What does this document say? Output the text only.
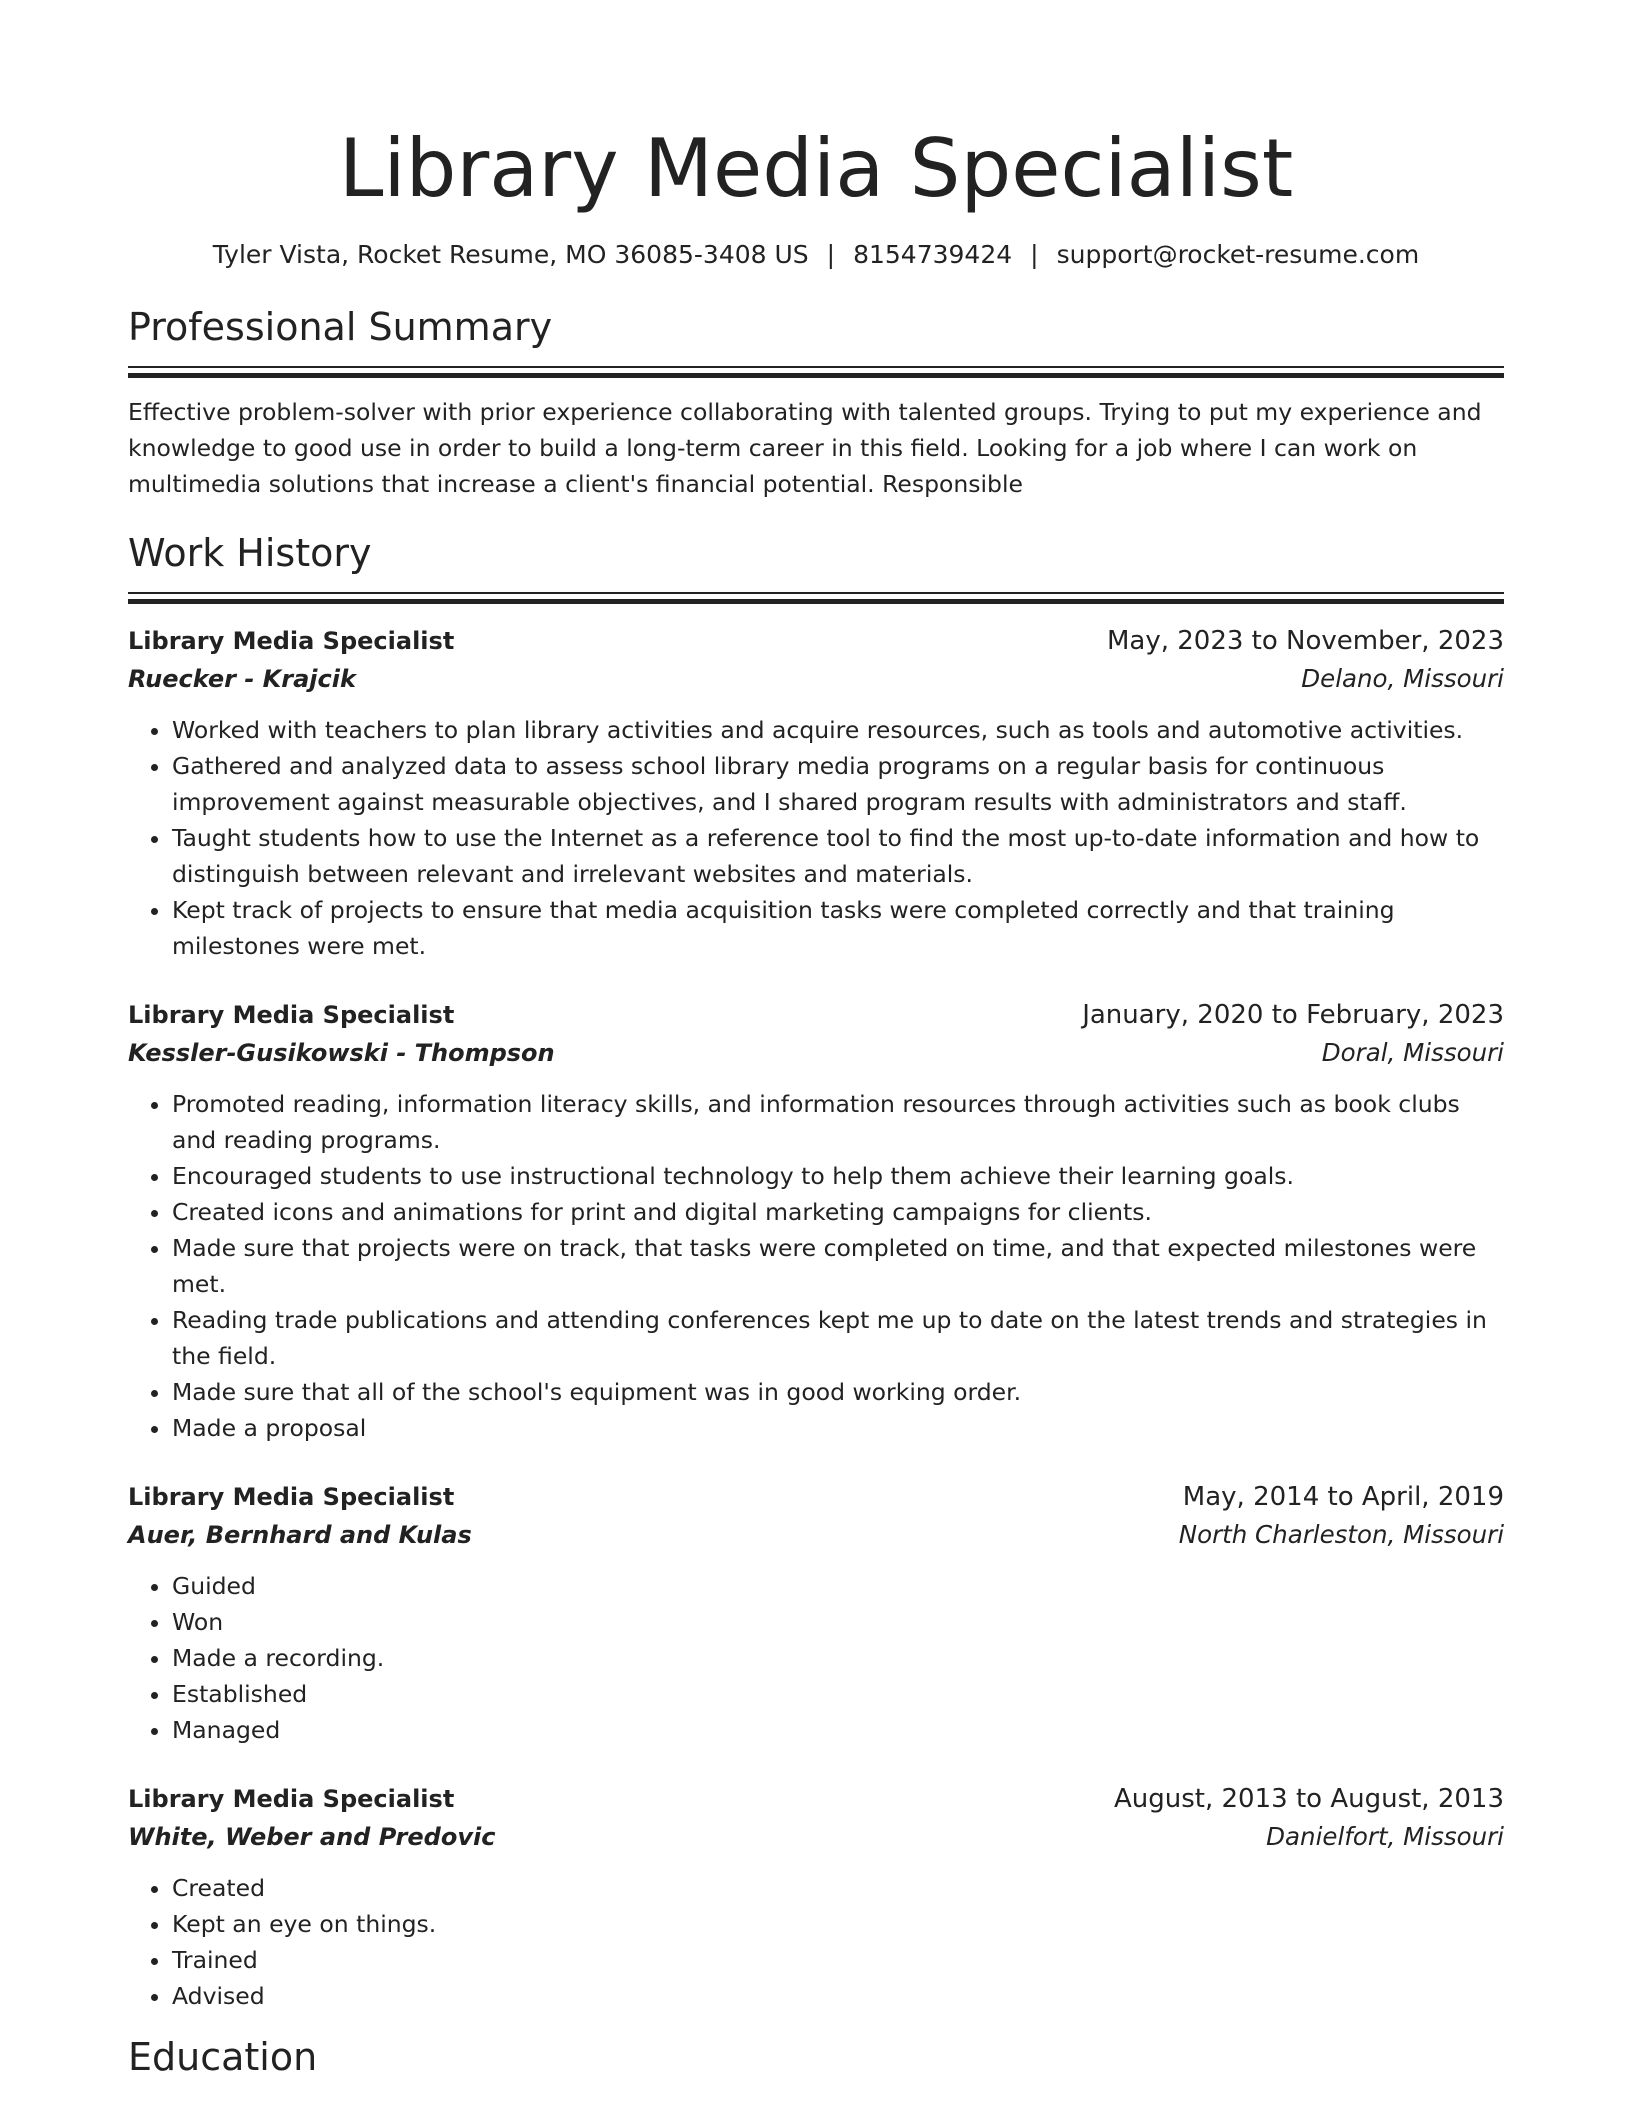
Library Media Specialist
Tyler Vista, Rocket Resume, MO 36085-3408 US | 8154739424 | support@rocket-resume.com
Professional Summary
Effective problem-solver with prior experience collaborating with talented groups. Trying to put my experience and knowledge to good use in order to build a long-term career in this field. Looking for a job where I can work on multimedia solutions that increase a client's financial potential. Responsible
Work History
Library Media Specialist	May, 2023 to November, 2023
Ruecker - Krajcik	Delano, Missouri
• Worked with teachers to plan library activities and acquire resources, such as tools and automotive activities.
• Gathered and analyzed data to assess school library media programs on a regular basis for continuous improvement against measurable objectives, and I shared program results with administrators and staff.
• Taught students how to use the Internet as a reference tool to find the most up-to-date information and how to distinguish between relevant and irrelevant websites and materials.
• Kept track of projects to ensure that media acquisition tasks were completed correctly and that training milestones were met.
Library Media Specialist	January, 2020 to February, 2023
Kessler-Gusikowski - Thompson	Doral, Missouri
• Promoted reading, information literacy skills, and information resources through activities such as book clubs and reading programs.
• Encouraged students to use instructional technology to help them achieve their learning goals.
• Created icons and animations for print and digital marketing campaigns for clients.
• Made sure that projects were on track, that tasks were completed on time, and that expected milestones were met.
• Reading trade publications and attending conferences kept me up to date on the latest trends and strategies in the field.
• Made sure that all of the school's equipment was in good working order.
• Made a proposal
Library Media Specialist	May, 2014 to April, 2019
Auer, Bernhard and Kulas	North Charleston, Missouri
• Guided
• Won
• Made a recording.
• Established
• Managed
Library Media Specialist	August, 2013 to August, 2013
White, Weber and Predovic	Danielfort, Missouri
• Created
• Kept an eye on things.
• Trained
• Advised
Education
